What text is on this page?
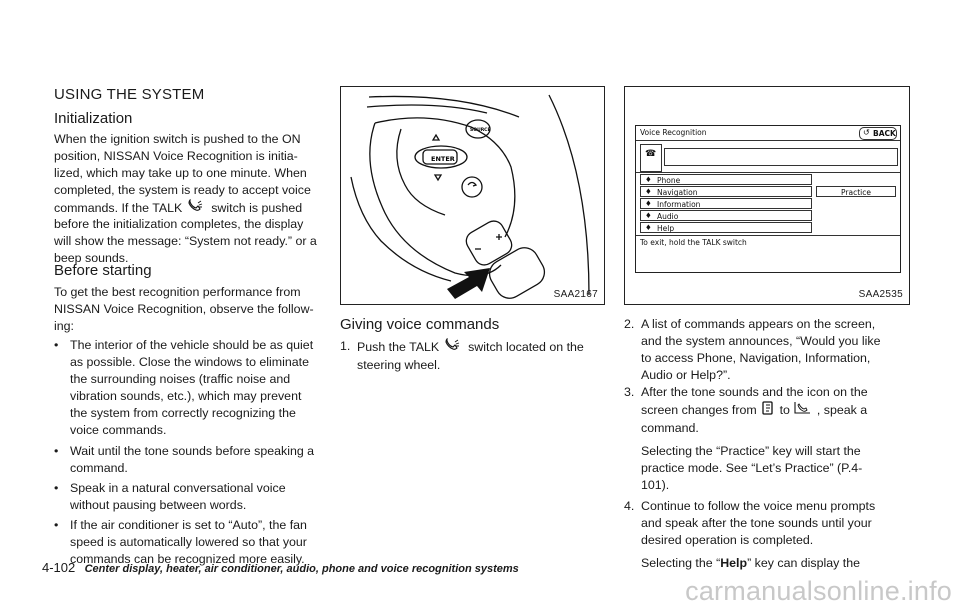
USING THE SYSTEM
Initialization
When the ignition switch is pushed to the ON
position, NISSAN Voice Recognition is initia-
lized, which may take up to one minute. When
completed, the system is ready to accept voice
commands. If the TALK switch is pushed
before the initialization completes, the display
will show the message: “System not ready.” or a
beep sounds.
Before starting
To get the best recognition performance from
NISSAN Voice Recognition, observe the follow-
ing:
• The interior of the vehicle should be as quiet
as possible. Close the windows to eliminate
the surrounding noises (traffic noise and
vibration sounds, etc.), which may prevent
the system from correctly recognizing the
voice commands.
• Wait until the tone sounds before speaking a
command.
• Speak in a natural conversational voice
without pausing between words.
• If the air conditioner is set to “Auto”, the fan
speed is automatically lowered so that your
commands can be recognized more easily.
ENTER
SOURCE
SAA2167
Giving voice commands
1. Push the TALK switch located on the
steering wheel.
Voice Recognition	↺ BACK
☎
♦ Phone
♦ Navigation
♦ Information
♦ Audio
♦ Help
Practice
To exit, hold the TALK switch
SAA2535
2. A list of commands appears on the screen,
and the system announces, “Would you like
to access Phone, Navigation, Information,
Audio or Help?”.
3. After the tone sounds and the icon on the
screen changes from to , speak a
command.
Selecting the “Practice” key will start the
practice mode. See “Let’s Practice” (P.4-
101).
4. Continue to follow the voice menu prompts
and speak after the tone sounds until your
desired operation is completed.
Selecting the “Help” key can display the
4-102 Center display, heater, air conditioner, audio, phone and voice recognition systems
carmanualsonline.info
